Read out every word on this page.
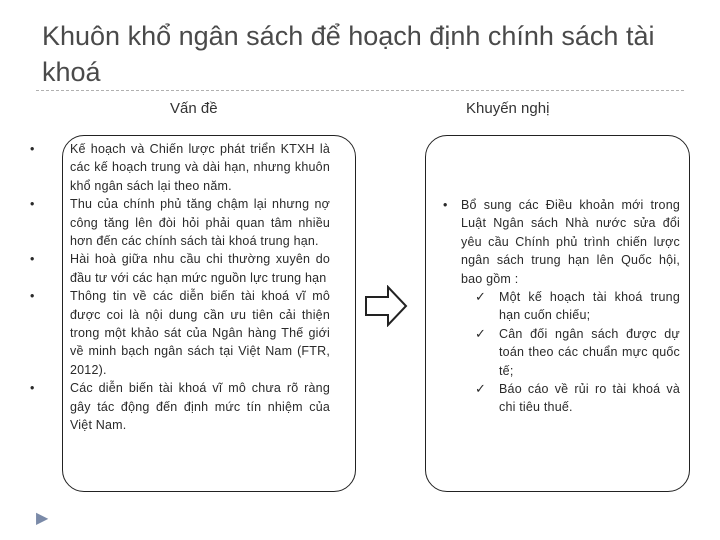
Khuôn khổ ngân sách để hoạch định chính sách tài khoá
Vấn đề	Khuyến nghị
•	Kế hoạch và Chiến lược phát triển KTXH là các kế hoạch trung và dài hạn, nhưng khuôn khổ ngân sách lại theo năm.
•	Thu của chính phủ tăng chậm lại nhưng nợ công tăng lên đòi hỏi phải quan tâm nhiều hơn đến các chính sách tài khoá trung hạn.
•	Hài hoà giữa nhu cầu chi thường xuyên do đầu tư với các hạn mức nguồn lực trung hạn
•	Thông tin về các diễn biến tài khoá vĩ mô được coi là nội dung cần ưu tiên cải thiện trong một khảo sát của Ngân hàng Thế giới về minh bạch ngân sách tại Việt Nam (FTR, 2012).
•	Các diễn biến tài khoá vĩ mô chưa rõ ràng gây tác động đến định mức tín nhiệm của Việt Nam.
• Bổ sung các Điều khoản mới trong Luật Ngân sách Nhà nước sửa đổi yêu cầu Chính phủ trình chiến lược ngân sách trung hạn lên Quốc hội, bao gồm :
✓ Một kế hoạch tài khoá trung hạn cuốn chiếu;
✓ Cân đối ngân sách được dự toán theo các chuẩn mực quốc tế;
✓ Báo cáo về rủi ro tài khoá và chi tiêu thuế.
▶
